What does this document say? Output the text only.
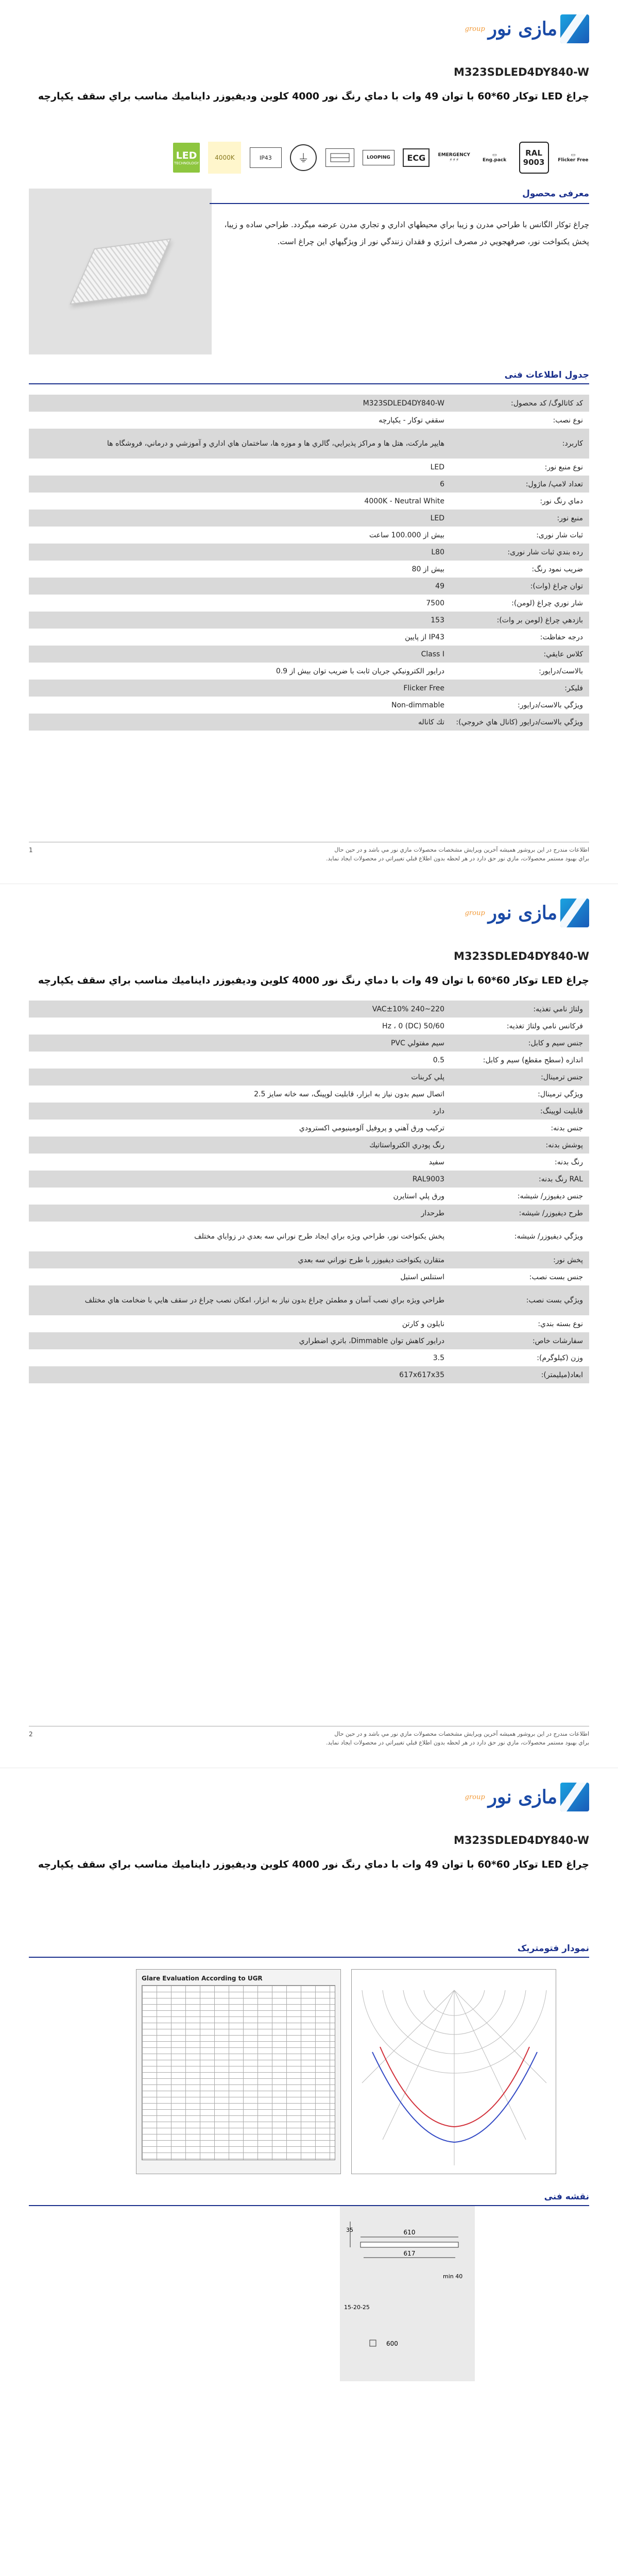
group مازی نور
M323SDLED4DY840-W
چراغ LED توكار 60*60 با توان 49 وات با دماي رنگ نور 4000 كلوين ودیفیوزر دایناميك مناسب براي سقف يكپارچه
LED
TECHNOLOGY
4000K	IP43	⏚	LOOPING	ECG	EMERGENCY
⚡⚡⚡
▭
Eng.pack
RAL
9003
▭
Flicker Free
معرفی محصول
چراغ توكار الگانس با طراحي مدرن و زيبا براي محيطهاي اداري و تجاري مدرن عرضه ميگردد. طراحي ساده و زيبا، پخش يكنواخت نور، صرفهجويي در مصرف انرژي و فقدان زنندگي نور از ويژگيهاي اين چراغ است.
جدول اطلاعات فنی
كد كاتالوگ/ كد محصول:
M323SDLED4DY840-W
نوع نصب:
سقفي توكار - يكپارچه
كاربرد:
هايپر ماركت، هتل ها و مراكز پذيرايي، گالري ها و موزه ها، ساختمان هاي اداري و آموزشي و درماني، فروشگاه ها
نوع منبع نور:
LED
تعداد لامپ/ ماژول:
6
دماي رنگ نور:
4000K - Neutral White
منبع نور:
LED
ثبات شار نوری:
بیش از 100.000 ساعت
رده بندي ثبات شار نوری:
L80
ضريب نمود رنگ:
بيش از 80
توان چراغ (وات):
49
شار نوري چراغ (لومن):
7500
بازدهي چراغ (لومن بر وات):
153
درجه حفاظت:
IP43 از پايين
كلاس عايقي:
Class I
بالاست/درايور:
درايور الكترونيكي جريان ثابت با ضريب توان بيش از 0.9
فليكر:
Flicker Free
ويژگي بالاست/درايور:
Non-dimmable
ويژگي بالاست/درايور (كانال هاي خروجي):
تك كاناله
1	اطلاعات مندرج در اين بروشور هميشه آخرين ويرايش مشخصات محصولات مازي نور مي باشد و در حين حال
براي بهبود مستمر محصولات، مازي نور حق دارد در هر لحظه بدون اطلاع قبلي تغييراتي در محصولات ايجاد نمايد.
group مازی نور
M323SDLED4DY840-W
چراغ LED توكار 60*60 با توان 49 وات با دماي رنگ نور 4000 كلوين ودیفیوزر دایناميك مناسب براي سقف يكپارچه
ولتاژ نامي تغذيه:
220~240 VAC±10%
فركانس نامي ولتاژ تغذيه:
50/60 Hz ، 0 (DC)
جنس سيم و كابل:
سيم مفتولي PVC
اندازه (سطح مقطع) سيم و كابل:
0.5
جنس ترمينال:
پلي كربنات
ويژگي ترمينال:
اتصال سيم بدون نياز به ابزار، قابليت لوپينگ، سه خانه سايز 2.5
قابليت لوپينگ:
دارد
جنس بدنه:
تركيب ورق آهني و پروفيل آلومينيومي اكسترودي
پوشش بدنه:
رنگ پودري الكترواستاتيك
رنگ بدنه:
سفيد
RAL رنگ بدنه:
RAL9003
جنس ديفيوزر/ شيشه:
ورق پلي استايرن
طرح ديفيوزر/ شيشه:
طرحدار
ويژگي ديفيوزر/ شيشه:
پخش يكنواخت نور، طراحي ويژه براي ايجاد طرح نوراني سه بعدي در زواياي مختلف
پخش نور:
متقارن يكنواخت ديفيوزر با طرح نوراني سه بعدي
جنس بست نصب:
استنلس استيل
ويژگي بست نصب:
طراحي ويژه براي نصب آسان و مطمئن چراغ بدون نياز به ابزار، امكان نصب چراغ در سقف هايي با ضخامت هاي مختلف
نوع بسته بندي:
نايلون و كارتن
سفارشات خاص:
درايور كاهش توان Dimmable، باتري اضطراري
وزن (كيلوگرم):
3.5
ابعاد(ميليمتر):
617x617x35
2	اطلاعات مندرج در اين بروشور هميشه آخرين ويرايش مشخصات محصولات مازي نور مي باشد و در حين حال
براي بهبود مستمر محصولات، مازي نور حق دارد در هر لحظه بدون اطلاع قبلي تغييراتي در محصولات ايجاد نمايد.
group مازی نور
M323SDLED4DY840-W
چراغ LED توكار 60*60 با توان 49 وات با دماي رنگ نور 4000 كلوين ودیفیوزر دایناميك مناسب براي سقف يكپارچه
نمودار فتومتريک
Glare Evaluation According to UGR
نقشه فنی
610
617
600
35
min 40
15-20-25
